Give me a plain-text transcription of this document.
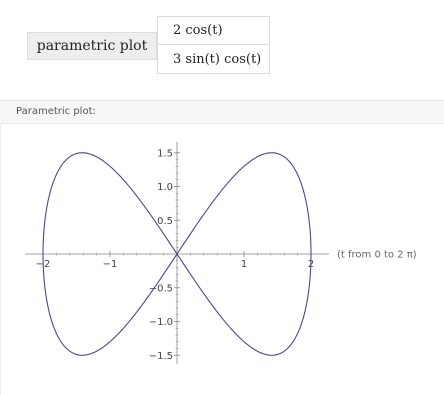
parametric plot
2 cos(t)
3 sin(t) cos(t)
Parametric plot:
−2	−1	1	2
1.5
1.0
0.5
−0.5
−1.0
−1.5
(t from 0 to 2 π)
